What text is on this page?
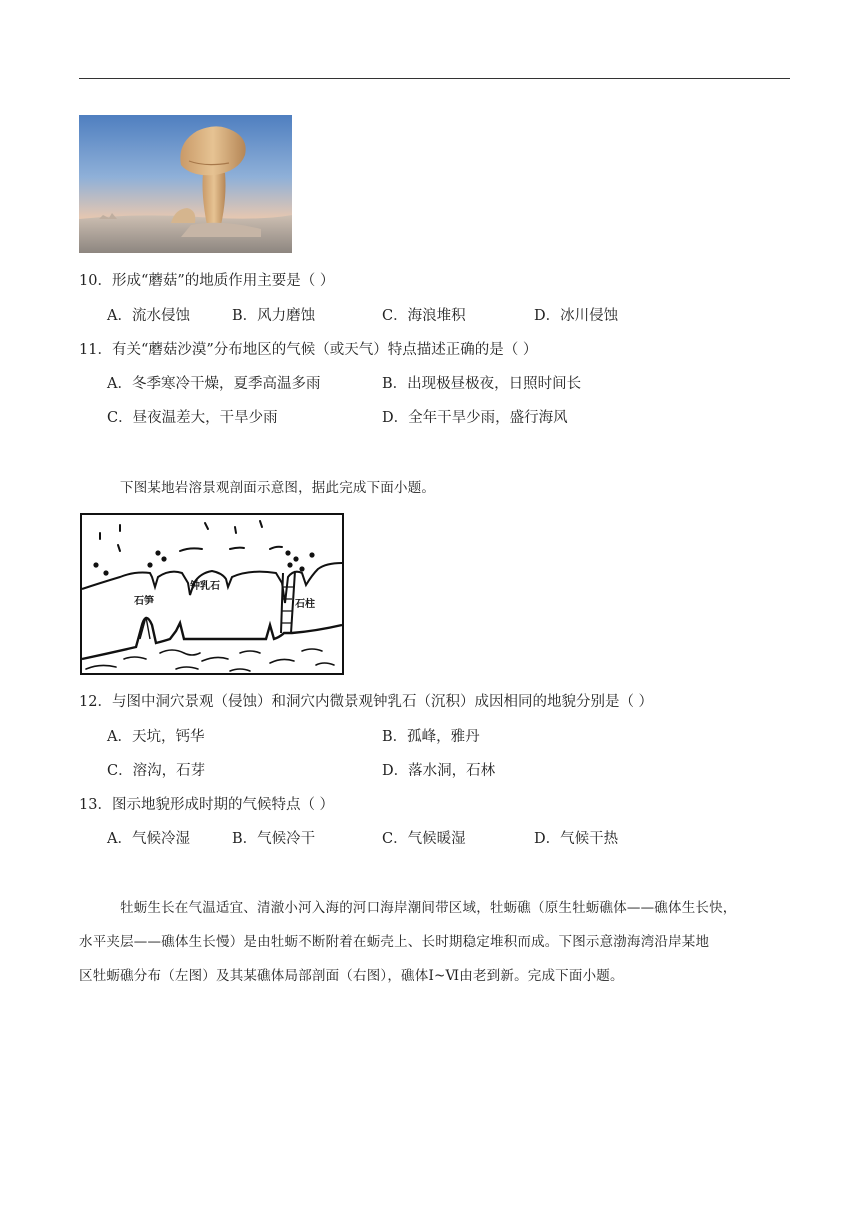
10．形成“蘑菇”的地质作用主要是（ ）
A．流水侵蚀	B．风力磨蚀	C．海浪堆积	D．冰川侵蚀
11．有关“蘑菇沙漠”分布地区的气候（或天气）特点描述正确的是（ ）
A．冬季寒冷干燥，夏季高温多雨	B．出现极昼极夜，日照时间长
C．昼夜温差大，干旱少雨	D．全年干旱少雨，盛行海风
下图某地岩溶景观剖面示意图，据此完成下面小题。
钟乳石
石笋	石柱
12．与图中洞穴景观（侵蚀）和洞穴内微景观钟乳石（沉积）成因相同的地貌分别是（ ）
A．天坑，钙华	B．孤峰，雅丹
C．溶沟，石芽	D．落水洞，石林
13．图示地貌形成时期的气候特点（ ）
A．气候冷湿	B．气候冷干	C．气候暖湿	D．气候干热
牡蛎生长在气温适宜、清澈小河入海的河口海岸潮间带区域，牡蛎礁（原生牡蛎礁体——礁体生长快，
水平夹层——礁体生长慢）是由牡蛎不断附着在蛎壳上、长时期稳定堆积而成。下图示意渤海湾沿岸某地
区牡蛎礁分布（左图）及其某礁体局部剖面（右图），礁体Ⅰ~Ⅵ由老到新。完成下面小题。
